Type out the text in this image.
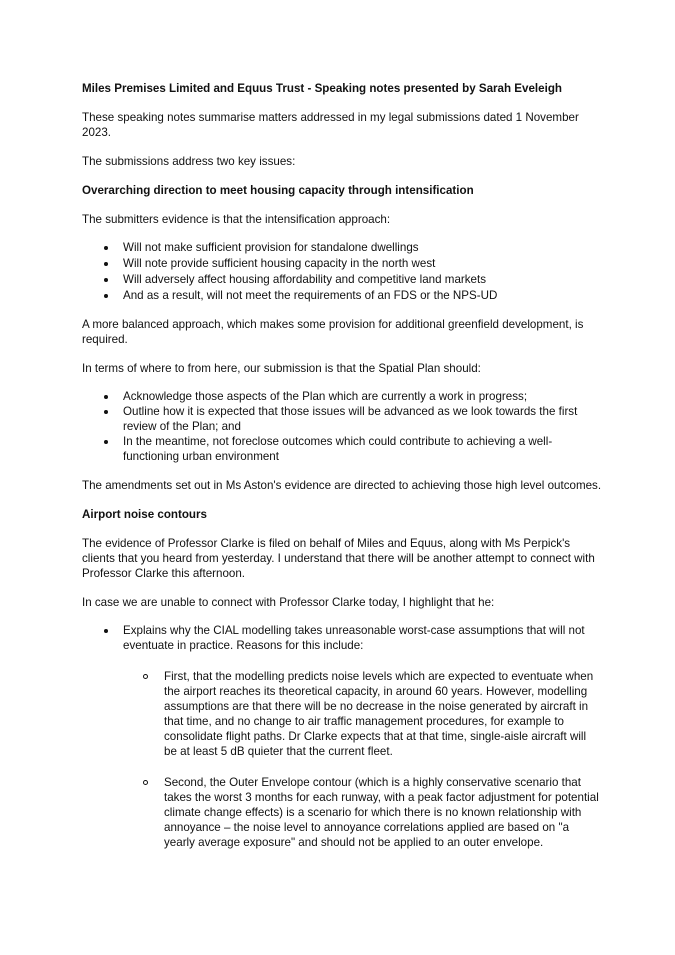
Miles Premises Limited and Equus Trust - Speaking notes presented by Sarah Eveleigh

These speaking notes summarise matters addressed in my legal submissions dated 1 November 2023.

The submissions address two key issues:

Overarching direction to meet housing capacity through intensification

The submitters evidence is that the intensification approach:

Will not make sufficient provision for standalone dwellings
Will note provide sufficient housing capacity in the north west
Will adversely affect housing affordability and competitive land markets
And as a result, will not meet the requirements of an FDS or the NPS-UD

A more balanced approach, which makes some provision for additional greenfield development, is required.

In terms of where to from here, our submission is that the Spatial Plan should:

Acknowledge those aspects of the Plan which are currently a work in progress;
Outline how it is expected that those issues will be advanced as we look towards the first review of the Plan; and
In the meantime, not foreclose outcomes which could contribute to achieving a well-functioning urban environment

The amendments set out in Ms Aston's evidence are directed to achieving those high level outcomes.

Airport noise contours

The evidence of Professor Clarke is filed on behalf of Miles and Equus, along with Ms Perpick's clients that you heard from yesterday. I understand that there will be another attempt to connect with Professor Clarke this afternoon.

In case we are unable to connect with Professor Clarke today, I highlight that he:

Explains why the CIAL modelling takes unreasonable worst-case assumptions that will not eventuate in practice. Reasons for this include:
First, that the modelling predicts noise levels which are expected to eventuate when the airport reaches its theoretical capacity, in around 60 years. However, modelling assumptions are that there will be no decrease in the noise generated by aircraft in that time, and no change to air traffic management procedures, for example to consolidate flight paths. Dr Clarke expects that at that time, single-aisle aircraft will be at least 5 dB quieter that the current fleet.
Second, the Outer Envelope contour (which is a highly conservative scenario that takes the worst 3 months for each runway, with a peak factor adjustment for potential climate change effects) is a scenario for which there is no known relationship with annoyance – the noise level to annoyance correlations applied are based on "a yearly average exposure" and should not be applied to an outer envelope.
